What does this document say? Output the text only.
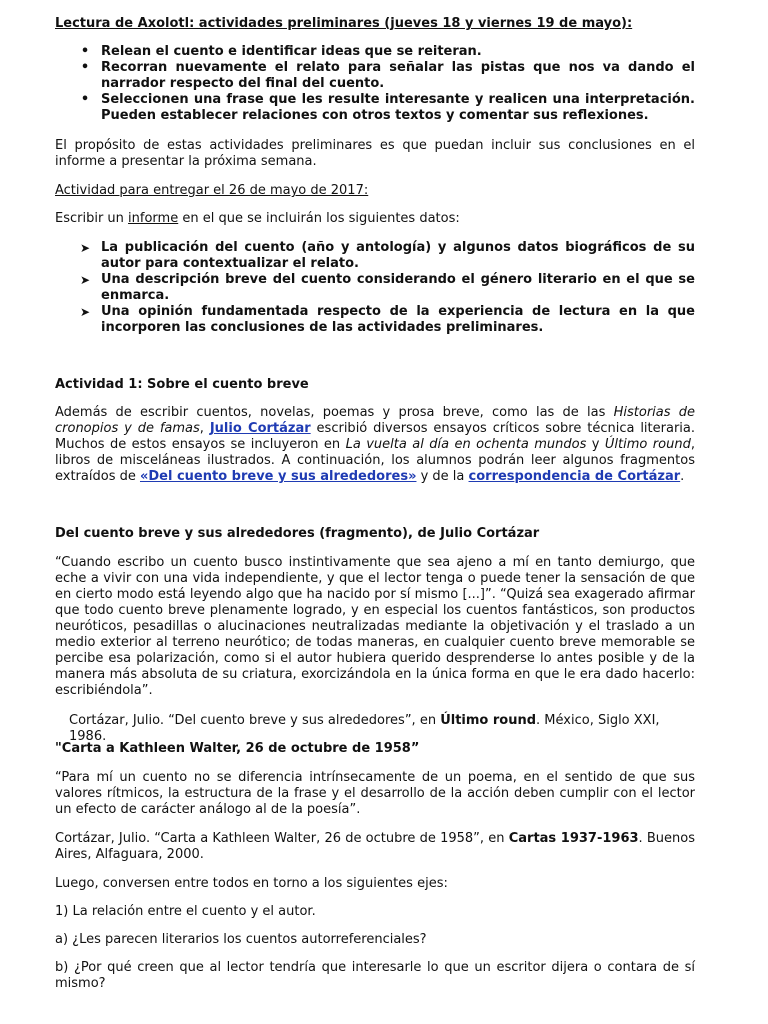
Lectura de Axolotl: actividades preliminares (jueves 18 y viernes 19 de mayo):
• Relean el cuento e identificar ideas que se reiteran.
• Recorran nuevamente el relato para señalar las pistas que nos va dando el narrador respecto del final del cuento.
• Seleccionen una frase que les resulte interesante y realicen una interpretación. Pueden establecer relaciones con otros textos y comentar sus reflexiones.
El propósito de estas actividades preliminares es que puedan incluir sus conclusiones en el informe a presentar la próxima semana.
Actividad para entregar el 26 de mayo de 2017:
Escribir un informe en el que se incluirán los siguientes datos:
➤ La publicación del cuento (año y antología) y algunos datos biográficos de su autor para contextualizar el relato.
➤ Una descripción breve del cuento considerando el género literario en el que se enmarca.
➤ Una opinión fundamentada respecto de la experiencia de lectura en la que incorporen las conclusiones de las actividades preliminares.
Actividad 1: Sobre el cuento breve
Además de escribir cuentos, novelas, poemas y prosa breve, como las de las Historias de cronopios y de famas, Julio Cortázar escribió diversos ensayos críticos sobre técnica literaria. Muchos de estos ensayos se incluyeron en La vuelta al día en ochenta mundos y Último round, libros de misceláneas ilustrados. A continuación, los alumnos podrán leer algunos fragmentos extraídos de «Del cuento breve y sus alrededores» y de la correspondencia de Cortázar.
Del cuento breve y sus alrededores (fragmento), de Julio Cortázar
“Cuando escribo un cuento busco instintivamente que sea ajeno a mí en tanto demiurgo, que eche a vivir con una vida independiente, y que el lector tenga o puede tener la sensación de que en cierto modo está leyendo algo que ha nacido por sí mismo [...]”. “Quizá sea exagerado afirmar que todo cuento breve plenamente logrado, y en especial los cuentos fantásticos, son productos neuróticos, pesadillas o alucinaciones neutralizadas mediante la objetivación y el traslado a un medio exterior al terreno neurótico; de todas maneras, en cualquier cuento breve memorable se percibe esa polarización, como si el autor hubiera querido desprenderse lo antes posible y de la manera más absoluta de su criatura, exorcizándola en la única forma en que le era dado hacerlo: escribiéndola”.
Cortázar, Julio. “Del cuento breve y sus alrededores”, en Último round. México, Siglo XXI, 1986.
"Carta a Kathleen Walter, 26 de octubre de 1958”
“Para mí un cuento no se diferencia intrínsecamente de un poema, en el sentido de que sus valores rítmicos, la estructura de la frase y el desarrollo de la acción deben cumplir con el lector un efecto de carácter análogo al de la poesía”.
Cortázar, Julio. “Carta a Kathleen Walter, 26 de octubre de 1958”, en Cartas 1937-1963. Buenos Aires, Alfaguara, 2000.
Luego, conversen entre todos en torno a los siguientes ejes:
1) La relación entre el cuento y el autor.
a) ¿Les parecen literarios los cuentos autorreferenciales?
b) ¿Por qué creen que al lector tendría que interesarle lo que un escritor dijera o contara de sí mismo?
